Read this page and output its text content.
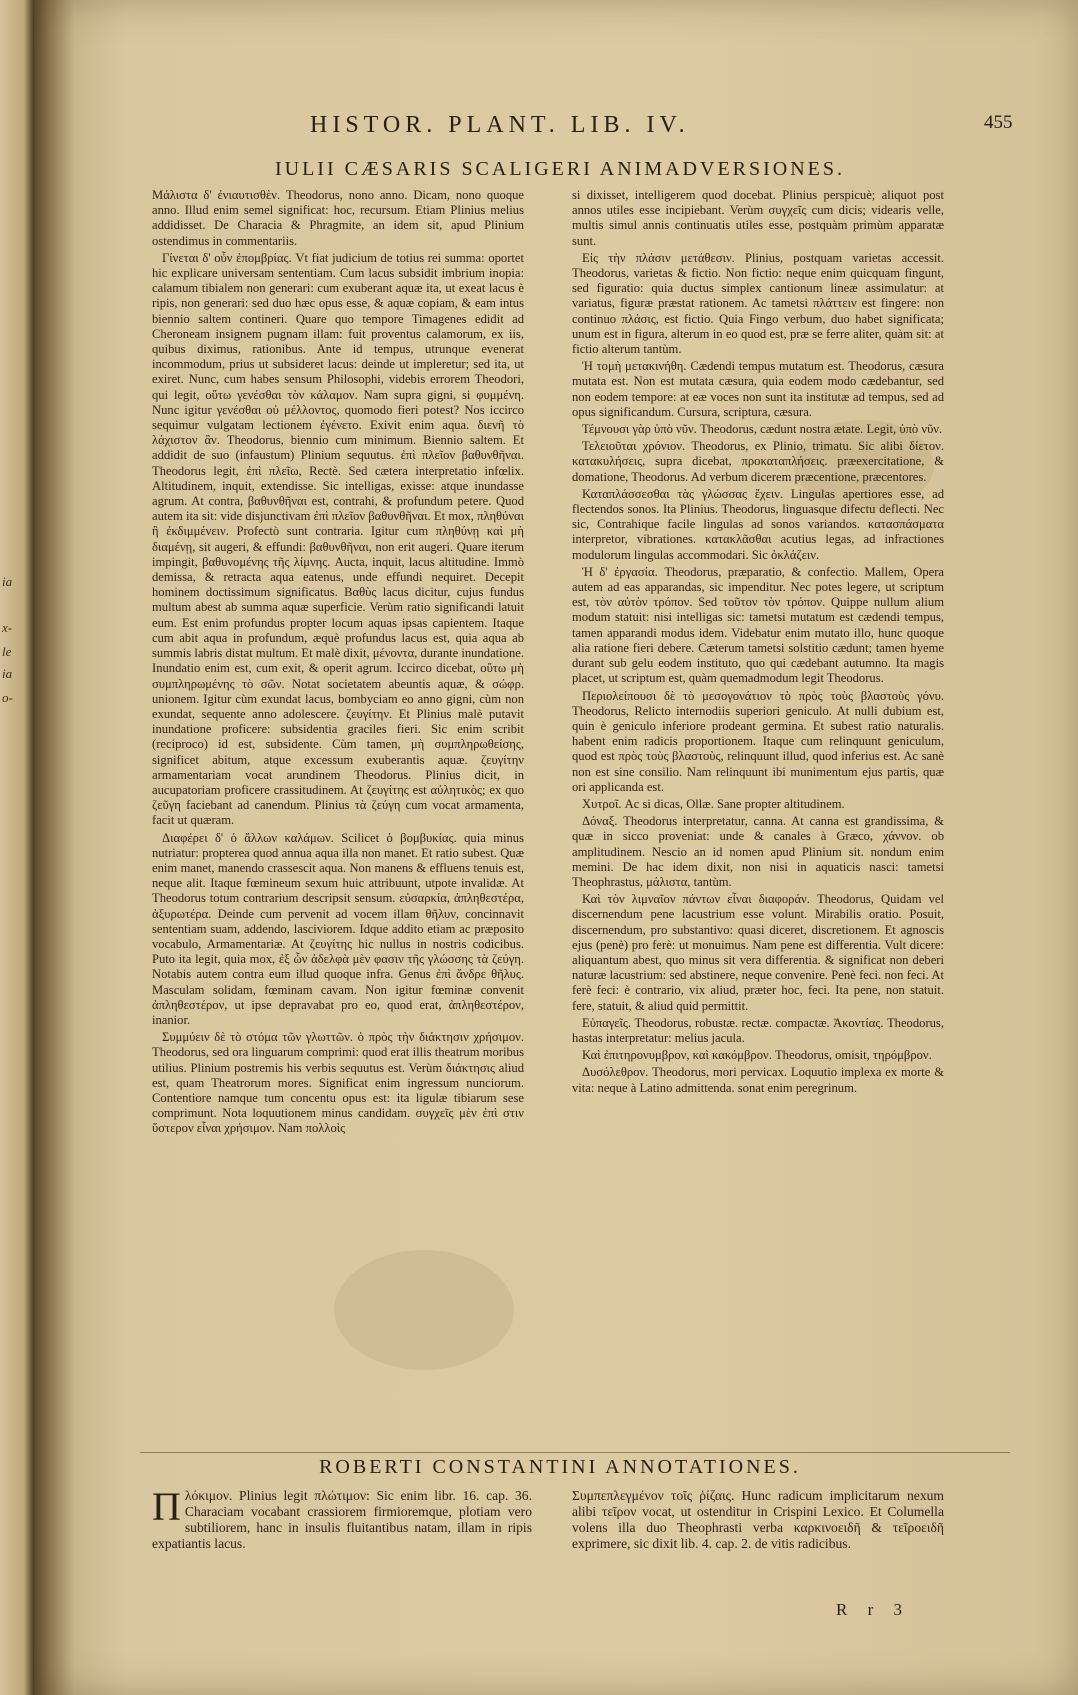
ia
x-
le
ia
o-
HISTOR. PLANT. LIB. IV.	455
IULII CÆSARIS SCALIGERI ANIMADVERSIONES.

Μάλιστα δ' ἐνιαυτισθὲν. Theodorus, nono anno. Dicam, nono quoque anno. Illud enim semel significat: hoc, recursum. Etiam Plinius melius addidisset. De Characia & Phragmite, an idem sit, apud Plinium ostendimus in commentariis.

Γίνεται δ' οὖν ἐπομβρίας. Vt fiat judicium de totius rei summa: oportet hic explicare universam sententiam. Cum lacus subsidit imbrium inopia: calamum tibialem non generari: cum exuberant aquæ ita, ut exeat lacus è ripis, non generari: sed duo hæc opus esse, & aquæ copiam, & eam intus biennio saltem contineri. Quare quo tempore Timagenes edidit ad Cheroneam insignem pugnam illam: fuit proventus calamorum, ex iis, quibus diximus, rationibus. Ante id tempus, utrunque evenerat incommodum, prius ut subsideret lacus: deinde ut impleretur; sed ita, ut exiret. Nunc, cum habes sensum Philosophi, videbis errorem Theodori, qui legit, οὕτω γενέσθαι τὸν κάλαμον. Nam supra gigni, si φυμμένη. Nunc igitur γενέσθαι οὐ μέλλοντος, quomodo fieri potest? Nos iccirco sequimur vulgatam lectionem ἐγένετο. Exivit enim aqua. διενῆ τὸ λάχιστον ἂν. Theodorus, biennio cum minimum. Biennio saltem. Et addidit de suo (infaustum) Plinium sequutus. ἐπὶ πλεῖον βαθυνθῆναι. Theodorus legit, ἐπὶ πλεῖω, Rectè. Sed cætera interpretatio infœlix. Altitudinem, inquit, extendisse. Sic intelligas, exisse: atque inundasse agrum. At contra, βαθυνθῆναι est, contrahi, & profundum petere. Quod autem ita sit: vide disjunctivam ἐπὶ πλεῖον βαθυνθῆναι. Et mox, πληθύναι ἢ ἐκδιμμένειν. Profectò sunt contraria. Igitur cum πληθύνῃ καὶ μὴ διαμένῃ, sit augeri, & effundi: βαθυνθῆναι, non erit augeri. Quare iterum impingit, βαθυνομένης τῆς λίμνης. Aucta, inquit, lacus altitudine. Immò demissa, & retracta aqua eatenus, unde effundi nequiret. Decepit hominem doctissimum significatus. Βαθὺς lacus dicitur, cujus fundus multum abest ab summa aquæ superficie. Verùm ratio significandi latuit eum. Est enim profundus propter locum aquas ipsas capientem. Itaque cum abit aqua in profundum, æquè profundus lacus est, quia aqua ab summis labris distat multum. Et malè dixit, μένοντα, durante inundatione. Inundatio enim est, cum exit, & operit agrum. Iccirco dicebat, οὕτω μὴ συμπληρωμένης τὸ σῶν. Notat societatem abeuntis aquæ, & σώφρ. unionem. Igitur cùm exundat lacus, bombyciam eo anno gigni, cùm non exundat, sequente anno adolescere. ζευγίτην. Et Plinius malè putavit inundatione proficere: subsidentia graciles fieri. Sic enim scribit (reciproco) id est, subsidente. Cùm tamen, μὴ συμπληρωθείσης, significet abitum, atque excessum exuberantis aquæ. ζευγίτην armamentariam vocat arundinem Theodorus. Plinius dicit, in aucupatoriam proficere crassitudinem. At ζευγίτης est αὐλητικὸς; ex quo ζεῦγη faciebant ad canendum. Plinius τὰ ζεύγη cum vocat armamenta, facit ut quæram.

Διαφέρει δ' ὁ ἄλλων καλάμων. Scilicet ὁ βομβυκίας. quia minus nutriatur: propterea quod annua aqua illa non manet. Et ratio subest. Quæ enim manet, manendo crassescit aqua. Non manens & effluens tenuis est, neque alit. Itaque fœmineum sexum huic attribuunt, utpote invalidæ. At Theodorus totum contrarium descripsit sensum. εὐσαρκία, ἀπληθεστέρα, ἀξυρωτέρα. Deinde cum pervenit ad vocem illam θῆλυν, concinnavit sententiam suam, addendo, lasciviorem. Idque addito etiam ac præposito vocabulo, Armamentariæ. At ζευγίτης hic nullus in nostris codicibus. Puto ita legit, quia mox, ἐξ ὧν ἀδελφὰ μὲν φασιν τῆς γλώσσης τὰ ζεύγη. Notabis autem contra eum illud quoque infra. Genus ἐπὶ ἄνδρε θῆλυς. Masculam solidam, fœminam cavam. Non igitur fœminæ convenit ἀπληθεστέρον, ut ipse depravabat pro eo, quod erat, ἀπληθεστέρον, inanior.

Συμμύειν δὲ τὸ στόμα τῶν γλωττῶν. ὁ πρὸς τὴν διάκτησιν χρήσιμον. Theodorus, sed ora linguarum comprimi: quod erat illis theatrum moribus utilius. Plinium postremis his verbis sequutus est. Verùm διάκτησις aliud est, quam Theatrorum mores. Significat enim ingressum nunciorum. Contentiore namque tum concentu opus est: ita ligulæ tibiarum sese comprimunt. Nota loquutionem minus candidam. συγχεῖς μὲν ἐπὶ στιν ὕστερον εἶναι χρήσιμον. Nam πολλοὶς

si dixisset, intelligerem quod docebat. Plinius perspicuè; aliquot post annos utiles esse incipiebant. Verùm συγχεῖς cum dicis; videaris velle, multis simul annis continuatis utiles esse, postquàm primùm apparatæ sunt.

Εἰς τὴν πλάσιν μετάθεσιν. Plinius, postquam varietas accessit. Theodorus, varietas & fictio. Non fictio: neque enim quicquam fingunt, sed figuratio: quia ductus simplex cantionum lineæ assimulatur: at variatus, figuræ præstat rationem. Ac tametsi πλάττειν est fingere: non continuo πλάσις, est fictio. Quia Fingo verbum, duo habet significata; unum est in figura, alterum in eo quod est, præ se ferre aliter, quàm sit: at fictio alterum tantùm.

Ἡ τομὴ μετακινήθη. Cædendi tempus mutatum est. Theodorus, cæsura mutata est. Non est mutata cæsura, quia eodem modo cædebantur, sed non eodem tempore: at eæ voces non sunt ita institutæ ad tempus, sed ad opus significandum. Cursura, scriptura, cæsura.

Τέμνουσι γὰρ ὑπὸ νῦν. Theodorus, cædunt nostra ætate. Legit, ὑπὸ νῦν.

Τελειοῦται χρόνιον. Theodorus, ex Plinio, trimatu. Sic alibi δίετον. κατακυλήσεις, supra dicebat, προκαταπλήσεις. præexercitatione, & domatione, Theodorus. Ad verbum dicerem præcentione, præcentores.

Καταπλάσσεσθαι τὰς γλώσσας ἔχειν. Lingulas apertiores esse, ad flectendos sonos. Ita Plinius. Theodorus, linguasque difectu deflecti. Nec sic, Contrahique facile lingulas ad sonos variandos. κατασπάσματα interpretor, vibrationes. κατακλᾶσθαι acutius legas, ad infractiones modulorum lingulas accommodari. Sic ὀκλάζειν.

Ἡ δ' ἐργασία. Theodorus, præparatio, & confectio. Mallem, Opera autem ad eas apparandas, sic impenditur. Nec potes legere, ut scriptum est, τὸν αὐτὸν τρόπον. Sed τοῦτον τὸν τρόπον. Quippe nullum alium modum statuit: nisi intelligas sic: tametsi mutatum est cædendi tempus, tamen apparandi modus idem. Videbatur enim mutato illo, hunc quoque alia ratione fieri debere. Cæterum tametsi solstitio cædunt; tamen hyeme durant sub gelu eodem instituto, quo qui cædebant autumno. Ita magis placet, ut scriptum est, quàm quemadmodum legit Theodorus.

Περιολείπουσι δὲ τὸ μεσογονάτιον τὸ πρὸς τοὺς βλαστοὺς γόνυ. Theodorus, Relicto internodiis superiori geniculo. At nulli dubium est, quin è geniculo inferiore prodeant germina. Et subest ratio naturalis. habent enim radicis proportionem. Itaque cum relinquunt geniculum, quod est πρὸς τοὺς βλαστοὺς, relinquunt illud, quod inferius est. Ac sanè non est sine consilio. Nam relinquunt ibi munimentum ejus partis, quæ ori applicanda est.

Χυτροῖ. Ac si dicas, Ollæ. Sane propter altitudinem.

Δόναξ. Theodorus interpretatur, canna. At canna est grandissima, & quæ in sicco proveniat: unde & canales à Græco, χάννον. ob amplitudinem. Nescio an id nomen apud Plinium sit. nondum enim memini. De hac idem dixit, non nisi in aquaticis nasci: tametsi Theophrastus, μάλιστα, tantùm.

Καὶ τὸν λιμναῖον πάντων εἶναι διαφοράν. Theodorus, Quidam vel discernendum pene lacustrium esse volunt. Mirabilis oratio. Posuit, discernendum, pro substantivo: quasi diceret, discretionem. Et agnoscis ejus (penè) pro ferè: ut monuimus. Nam pene est differentia. Vult dicere: aliquantum abest, quo minus sit vera differentia. & significat non deberi naturæ lacustrium: sed abstinere, neque convenire. Penè feci. non feci. At ferè feci: è contrario, vix aliud, præter hoc, feci. Ita pene, non statuit. fere, statuit, & aliud quid permittit.

Εὐπαγεῖς. Theodorus, robustæ. rectæ. compactæ. Ἀκοντίας. Theodorus, hastas interpretatur: melius jacula.

Καὶ ἐπιτηρονυμβρον, καὶ κακόμβρον. Theodorus, omisit, τηρόμβρον.

Δυσόλεθρον. Theodorus, mori pervicax. Loquutio implexa ex morte & vita: neque à Latino admittenda. sonat enim peregrinum.

ROBERTI CONSTANTINI ANNOTATIONES.
Π λόκιμον. Plinius legit πλώτιμον: Sic enim libr. 16. cap. 36. Characiam vocabant crassiorem firmioremque, plotiam vero subtiliorem, hanc in insulis fluitantibus natam, illam in ripis expatiantis lacus.
Συμπεπλεγμένον τοῖς ῥίζαις. Hunc radicum implicitarum nexum alibi τεῖρον vocat, ut ostenditur in Crispini Lexico. Et Columella volens illa duo Theophrasti verba καρκινοειδῆ & τεῖροειδῆ exprimere, sic dixit lib. 4. cap. 2. de vitis radicibus.
R r 3
